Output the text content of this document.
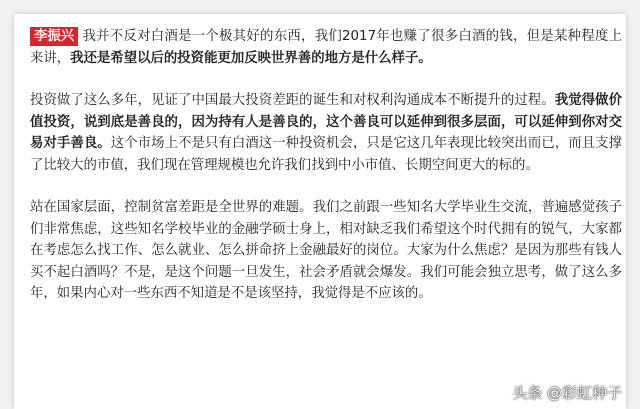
李振兴 我并不反对白酒是一个极其好的东西，我们2017年也赚了很多白酒的钱，但是某种程度上来讲，我还是希望以后的投资能更加反映世界善的地方是什么样子。

投资做了这么多年，见证了中国最大投资差距的诞生和对权利沟通成本不断提升的过程。我觉得做价值投资，说到底是善良的，因为持有人是善良的，这个善良可以延伸到很多层面，可以延伸到你对交易对手善良。这个市场上不是只有白酒这一种投资机会，只是它这几年表现比较突出而已，而且支撑了比较大的市值，我们现在管理规模也允许我们找到中小市值、长期空间更大的标的。

站在国家层面，控制贫富差距是全世界的难题。我们之前跟一些知名大学毕业生交流，普遍感觉孩子们非常焦虑，这些知名学校毕业的金融学硕士身上，相对缺乏我们希望这个时代拥有的锐气，大家都在考虑怎么找工作、怎么就业、怎么拼命挤上金融最好的岗位。大家为什么焦虑？是因为那些有钱人买不起白酒吗？不是，是这个问题一旦发生，社会矛盾就会爆发。我们可能会独立思考，做了这么多年，如果内心对一些东西不知道是不是该坚持，我觉得是不应该的。

头条 @彩虹种子
